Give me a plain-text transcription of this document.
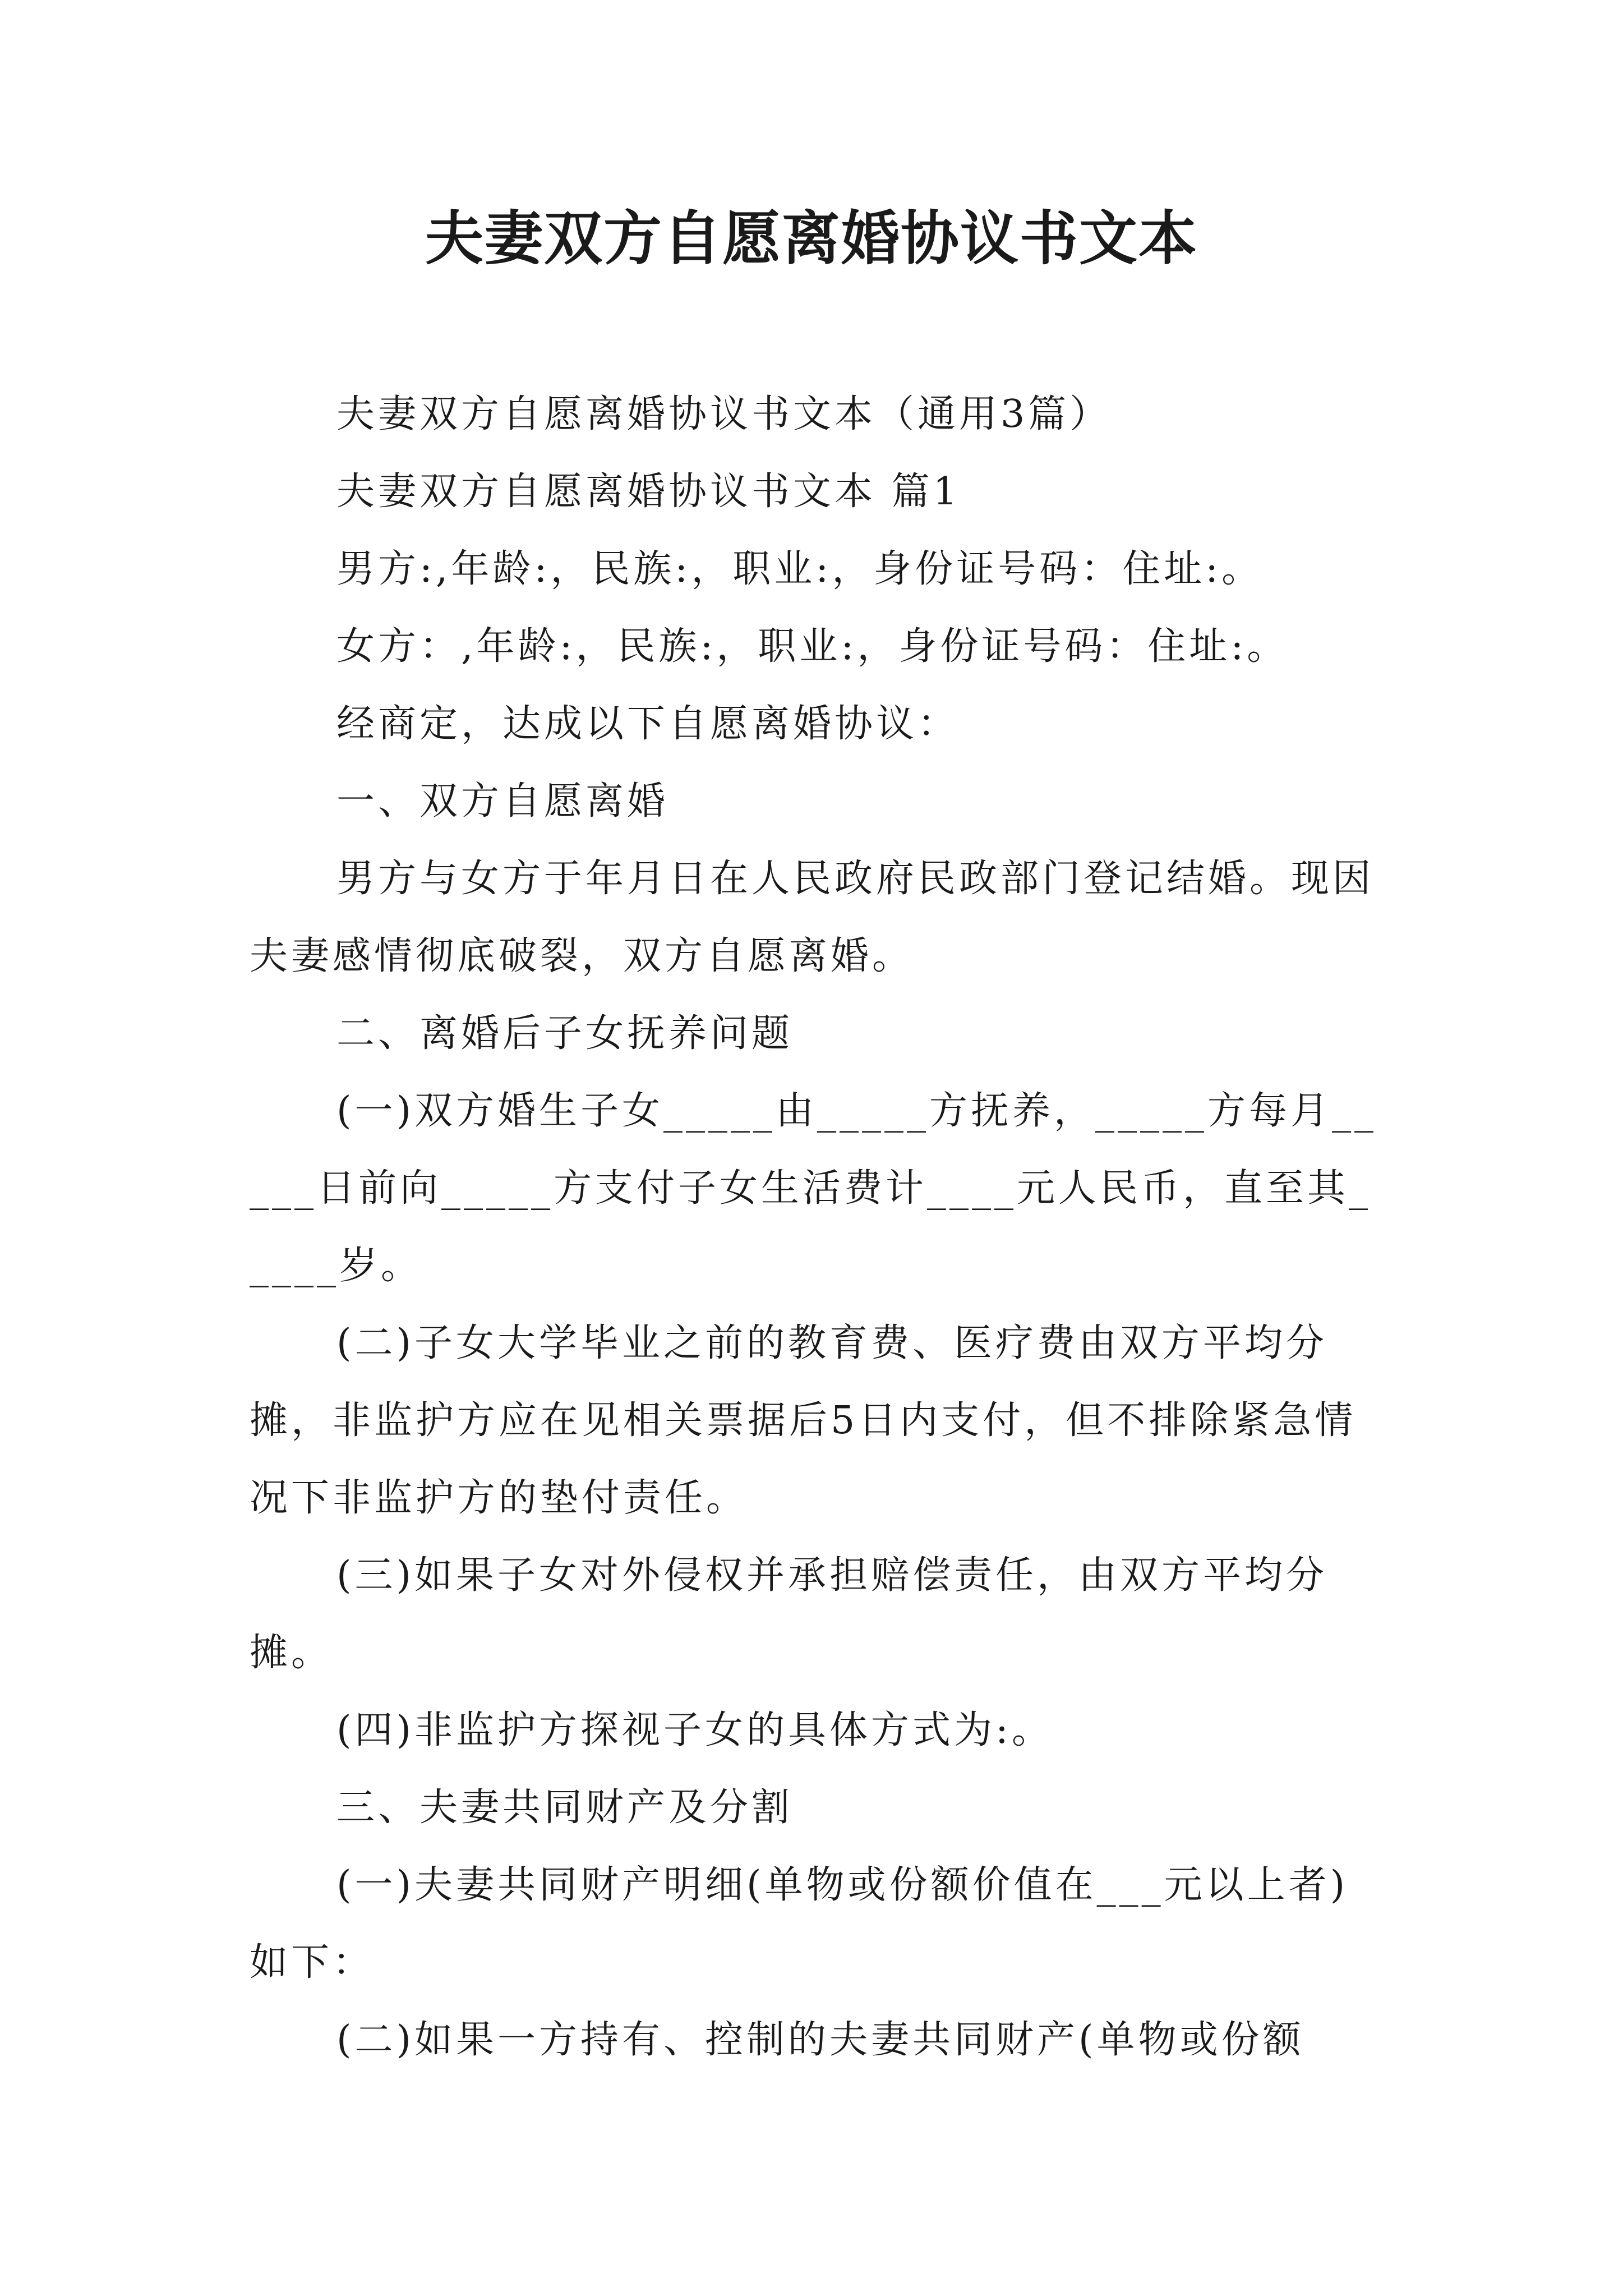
夫妻双方自愿离婚协议书文本

夫妻双方自愿离婚协议书文本（通用3篇）

夫妻双方自愿离婚协议书文本 篇1

男方:,年龄:，民族:，职业:，身份证号码：住址:。

女方：,年龄:，民族:，职业:，身份证号码：住址:。

经商定，达成以下自愿离婚协议：

一、双方自愿离婚

男方与女方于年月日在人民政府民政部门登记结婚。现因夫妻感情彻底破裂，双方自愿离婚。

二、离婚后子女抚养问题

(一)双方婚生子女_____由_____方抚养，_____方每月_____日前向_____方支付子女生活费计____元人民币，直至其_____岁。

(二)子女大学毕业之前的教育费、医疗费由双方平均分摊，非监护方应在见相关票据后5日内支付，但不排除紧急情况下非监护方的垫付责任。

(三)如果子女对外侵权并承担赔偿责任，由双方平均分摊。

(四)非监护方探视子女的具体方式为:。

三、夫妻共同财产及分割

(一)夫妻共同财产明细(单物或份额价值在___元以上者)如下：

(二)如果一方持有、控制的夫妻共同财产(单物或份额
